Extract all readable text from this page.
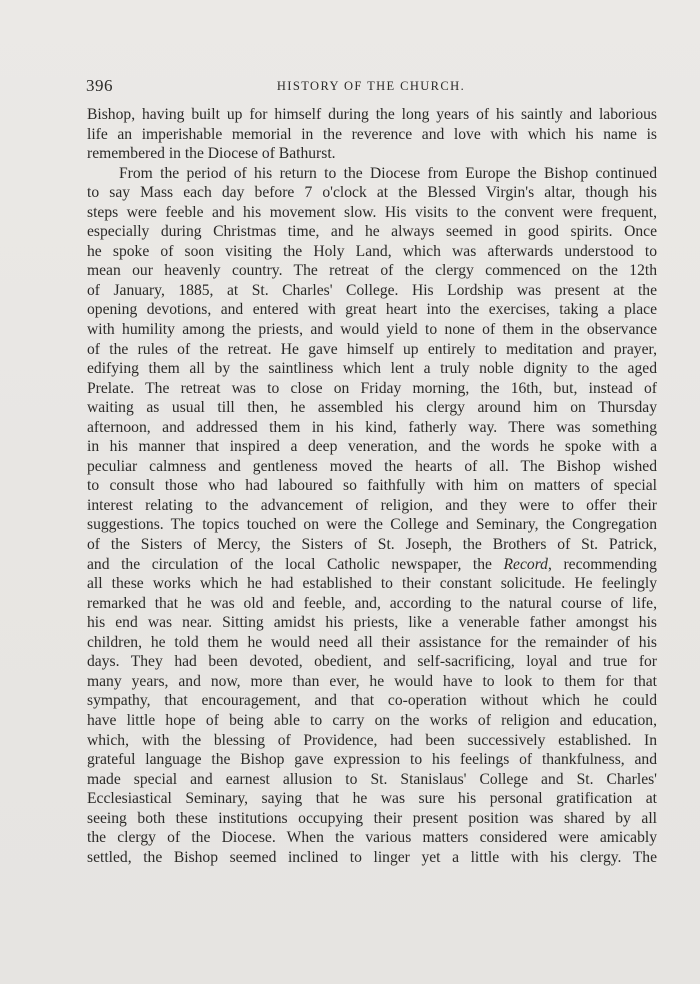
396	HISTORY OF THE CHURCH.
Bishop, having built up for himself during the long years of his saintly and laborious
life an imperishable memorial in the reverence and love with which his name is
remembered in the Diocese of Bathurst.
From the period of his return to the Diocese from Europe the Bishop continued
to say Mass each day before 7 o'clock at the Blessed Virgin's altar, though his
steps were feeble and his movement slow. His visits to the convent were frequent,
especially during Christmas time, and he always seemed in good spirits. Once
he spoke of soon visiting the Holy Land, which was afterwards understood to
mean our heavenly country. The retreat of the clergy commenced on the 12th
of January, 1885, at St. Charles' College. His Lordship was present at the
opening devotions, and entered with great heart into the exercises, taking a place
with humility among the priests, and would yield to none of them in the observance
of the rules of the retreat. He gave himself up entirely to meditation and prayer,
edifying them all by the saintliness which lent a truly noble dignity to the aged
Prelate. The retreat was to close on Friday morning, the 16th, but, instead of
waiting as usual till then, he assembled his clergy around him on Thursday
afternoon, and addressed them in his kind, fatherly way. There was something
in his manner that inspired a deep veneration, and the words he spoke with a
peculiar calmness and gentleness moved the hearts of all. The Bishop wished
to consult those who had laboured so faithfully with him on matters of special
interest relating to the advancement of religion, and they were to offer their
suggestions. The topics touched on were the College and Seminary, the Congregation
of the Sisters of Mercy, the Sisters of St. Joseph, the Brothers of St. Patrick,
and the circulation of the local Catholic newspaper, the Record, recommending
all these works which he had established to their constant solicitude. He feelingly
remarked that he was old and feeble, and, according to the natural course of life,
his end was near. Sitting amidst his priests, like a venerable father amongst his
children, he told them he would need all their assistance for the remainder of his
days. They had been devoted, obedient, and self-sacrificing, loyal and true for
many years, and now, more than ever, he would have to look to them for that
sympathy, that encouragement, and that co-operation without which he could
have little hope of being able to carry on the works of religion and education,
which, with the blessing of Providence, had been successively established. In
grateful language the Bishop gave expression to his feelings of thankfulness, and
made special and earnest allusion to St. Stanislaus' College and St. Charles'
Ecclesiastical Seminary, saying that he was sure his personal gratification at
seeing both these institutions occupying their present position was shared by all
the clergy of the Diocese. When the various matters considered were amicably
settled, the Bishop seemed inclined to linger yet a little with his clergy. The
